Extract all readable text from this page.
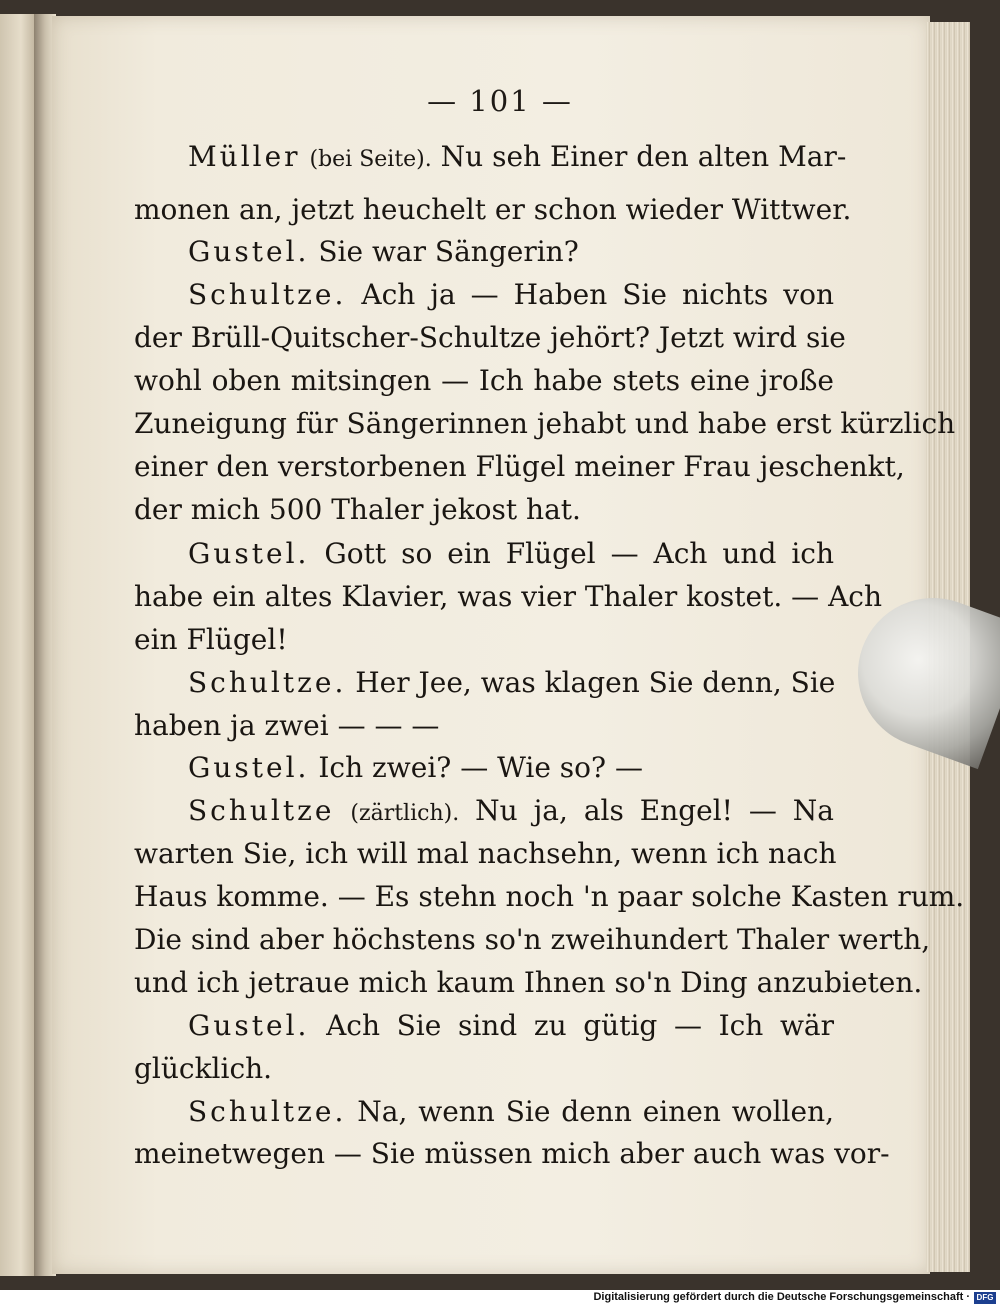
— 101 —
Müller (bei Seite). Nu seh Einer den alten Mar-
monen an, jetzt heuchelt er schon wieder Wittwer.
Gustel. Sie war Sängerin?
Schultze. Ach ja — Haben Sie nichts von
der Brüll-Quitscher-Schultze jehört? Jetzt wird sie
wohl oben mitsingen — Ich habe stets eine jroße
Zuneigung für Sängerinnen jehabt und habe erst kürzlich
einer den verstorbenen Flügel meiner Frau jeschenkt,
der mich 500 Thaler jekost hat.
Gustel. Gott so ein Flügel — Ach und ich
habe ein altes Klavier, was vier Thaler kostet. — Ach
ein Flügel!
Schultze. Her Jee, was klagen Sie denn, Sie
haben ja zwei — — —
Gustel. Ich zwei? — Wie so? —
Schultze (zärtlich). Nu ja, als Engel! — Na
warten Sie, ich will mal nachsehn, wenn ich nach
Haus komme. — Es stehn noch 'n paar solche Kasten rum.
Die sind aber höchstens so'n zweihundert Thaler werth,
und ich jetraue mich kaum Ihnen so'n Ding anzubieten.
Gustel. Ach Sie sind zu gütig — Ich wär
glücklich.
Schultze. Na, wenn Sie denn einen wollen,
meinetwegen — Sie müssen mich aber auch was vor-
Digitalisierung gefördert durch die Deutsche Forschungsgemeinschaft · DFG
